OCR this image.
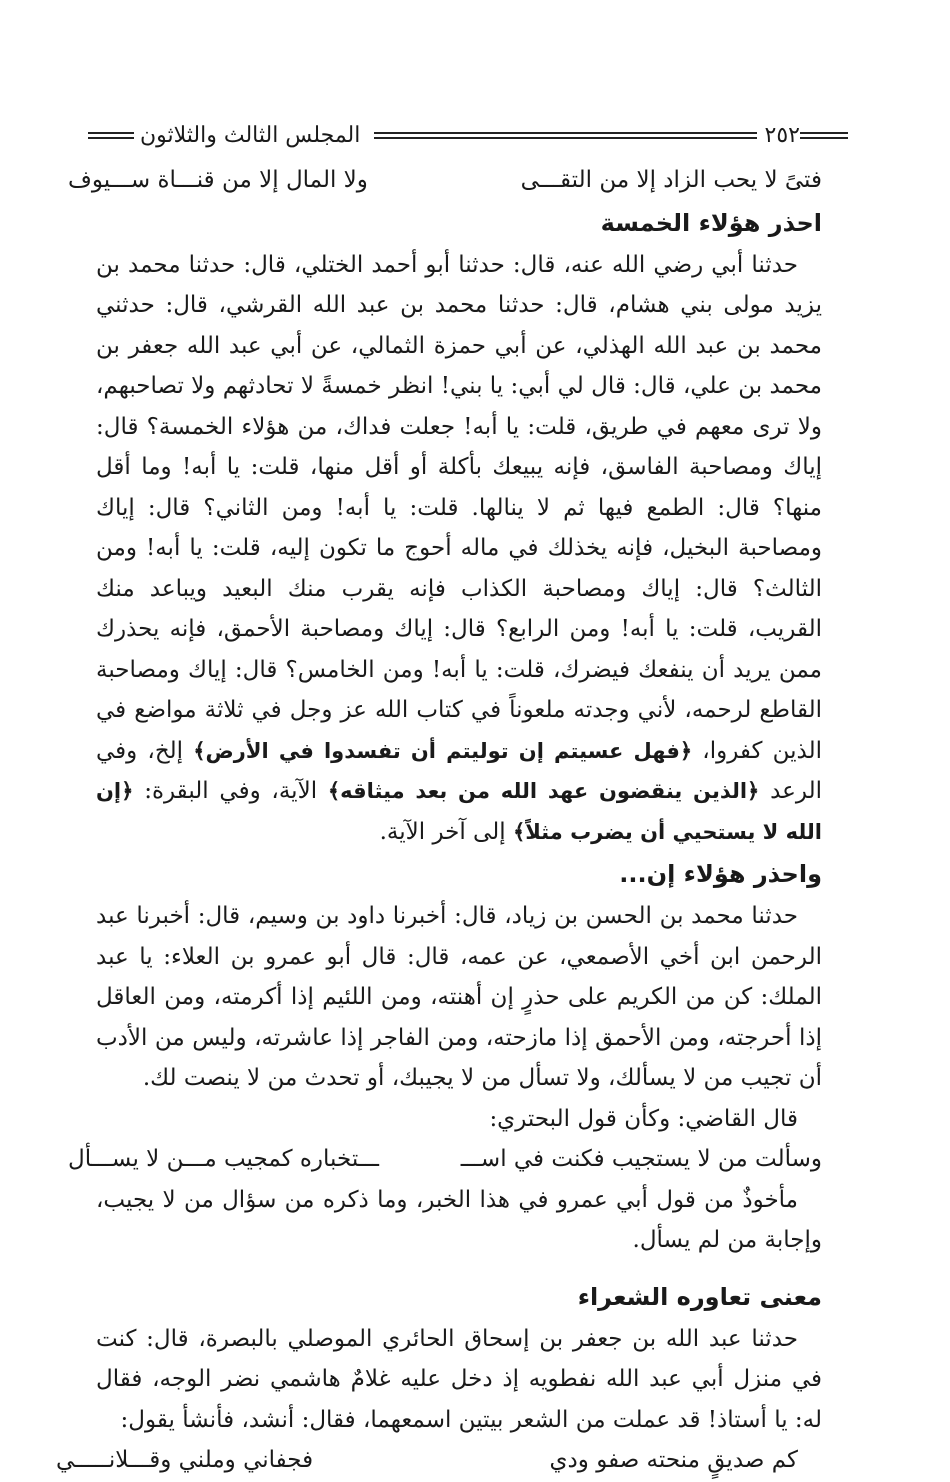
٢٥٢
المجلس الثالث والثلاثون
فتىً لا يحب الزاد إلا من التقـــى
ولا المال إلا من قنـــاة ســـيوف
احذر هؤلاء الخمسة

حدثنا أبي رضي الله عنه، قال: حدثنا أبو أحمد الختلي، قال: حدثنا محمد بن يزيد مولى بني هشام، قال: حدثنا محمد بن عبد الله القرشي، قال: حدثني محمد بن عبد الله الهذلي، عن أبي حمزة الثمالي، عن أبي عبد الله جعفر بن محمد بن علي، قال: قال لي أبي: يا بني! انظر خمسةً لا تحادثهم ولا تصاحبهم، ولا ترى معهم في طريق، قلت: يا أبه! جعلت فداك، من هؤلاء الخمسة؟ قال: إياك ومصاحبة الفاسق، فإنه يبيعك بأكلة أو أقل منها، قلت: يا أبه! وما أقل منها؟ قال: الطمع فيها ثم لا ينالها. قلت: يا أبه! ومن الثاني؟ قال: إياك ومصاحبة البخيل، فإنه يخذلك في ماله أحوج ما تكون إليه، قلت: يا أبه! ومن الثالث؟ قال: إياك ومصاحبة الكذاب فإنه يقرب منك البعيد ويباعد منك القريب، قلت: يا أبه! ومن الرابع؟ قال: إياك ومصاحبة الأحمق، فإنه يحذرك ممن يريد أن ينفعك فيضرك، قلت: يا أبه! ومن الخامس؟ قال: إياك ومصاحبة القاطع لرحمه، لأني وجدته ملعوناً في كتاب الله عز وجل في ثلاثة مواضع في الذين كفروا، ﴿فهل عسيتم إن توليتم أن تفسدوا في الأرض﴾ إلخ، وفي الرعد ﴿الذين ينقضون عهد الله من بعد ميثاقه﴾ الآية، وفي البقرة: ﴿إن الله لا يستحيي أن يضرب مثلاً﴾ إلى آخر الآية.

واحذر هؤلاء إن...

حدثنا محمد بن الحسن بن زياد، قال: أخبرنا داود بن وسيم، قال: أخبرنا عبد الرحمن ابن أخي الأصمعي، عن عمه، قال: قال أبو عمرو بن العلاء: يا عبد الملك: كن من الكريم على حذرٍ إن أهنته، ومن اللئيم إذا أكرمته، ومن العاقل إذا أحرجته، ومن الأحمق إذا مازحته، ومن الفاجر إذا عاشرته، وليس من الأدب أن تجيب من لا يسألك، ولا تسأل من لا يجيبك، أو تحدث من لا ينصت لك.

قال القاضي: وكأن قول البحتري:

وسألت من لا يستجيب فكنت في اســـ
ـــتخباره كمجيب مـــن لا يســـأل

مأخوذٌ من قول أبي عمرو في هذا الخبر، وما ذكره من سؤال من لا يجيب، وإجابة من لم يسأل.

معنى تعاوره الشعراء

حدثنا عبد الله بن جعفر بن إسحاق الحائري الموصلي بالبصرة، قال: كنت في منزل أبي عبد الله نفطويه إذ دخل عليه غلامٌ هاشمي نضر الوجه، فقال له: يا أستاذ! قد عملت من الشعر بيتين اسمعهما، فقال: أنشد، فأنشأ يقول:

كم صديقٍ منحته صفو ودي
فجفاني وملني وقـــلانـــــي
